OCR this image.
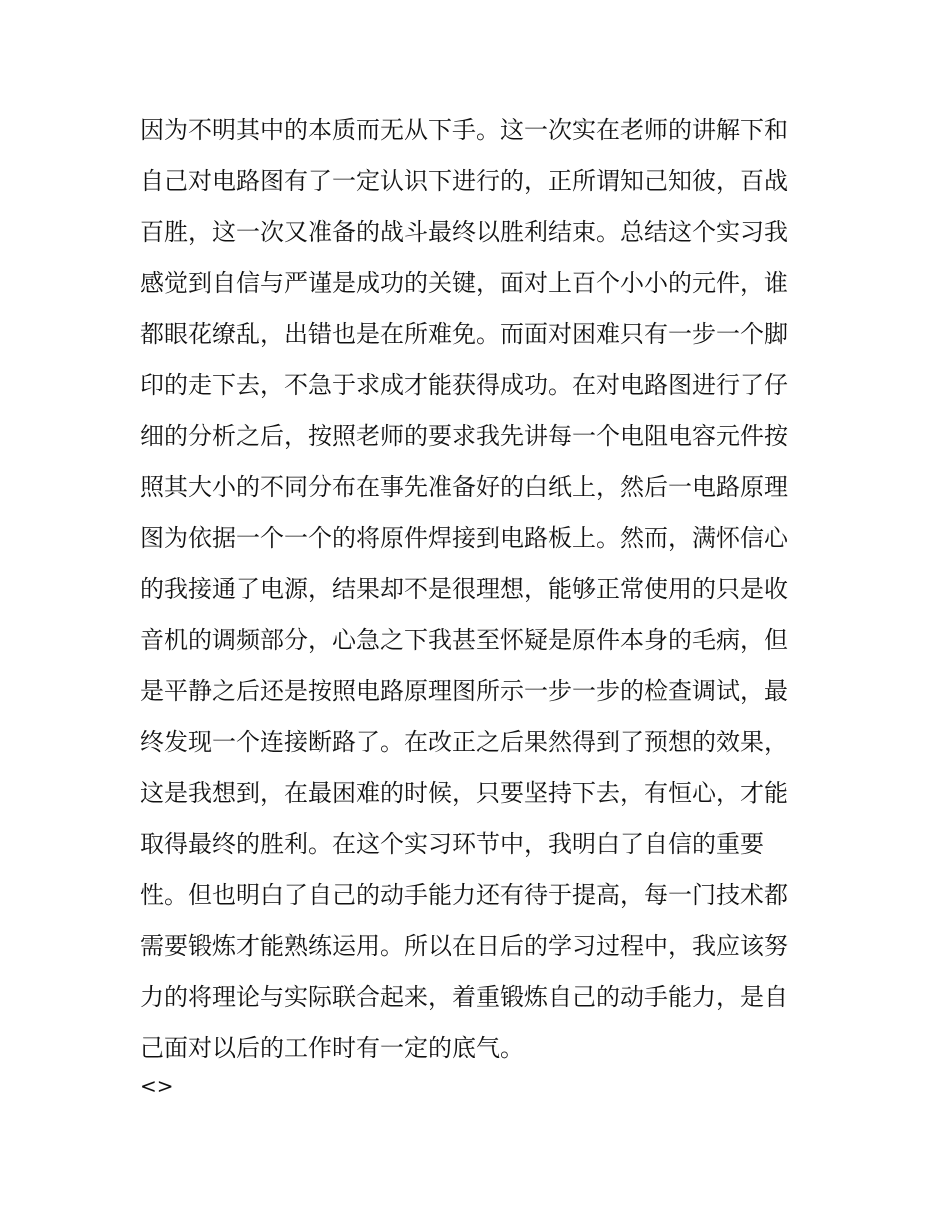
因为不明其中的本质而无从下手。这一次实在老师的讲解下和
自己对电路图有了一定认识下进行的，正所谓知己知彼，百战
百胜，这一次又准备的战斗最终以胜利结束。总结这个实习我
感觉到自信与严谨是成功的关键，面对上百个小小的元件，谁
都眼花缭乱，出错也是在所难免。而面对困难只有一步一个脚
印的走下去，不急于求成才能获得成功。在对电路图进行了仔
细的分析之后，按照老师的要求我先讲每一个电阻电容元件按
照其大小的不同分布在事先准备好的白纸上，然后一电路原理
图为依据一个一个的将原件焊接到电路板上。然而，满怀信心
的我接通了电源，结果却不是很理想，能够正常使用的只是收
音机的调频部分，心急之下我甚至怀疑是原件本身的毛病，但
是平静之后还是按照电路原理图所示一步一步的检查调试，最
终发现一个连接断路了。在改正之后果然得到了预想的效果，
这是我想到，在最困难的时候，只要坚持下去，有恒心，才能
取得最终的胜利。在这个实习环节中，我明白了自信的重要
性。但也明白了自己的动手能力还有待于提高，每一门技术都
需要锻炼才能熟练运用。所以在日后的学习过程中，我应该努
力的将理论与实际联合起来，着重锻炼自己的动手能力，是自
己面对以后的工作时有一定的底气。
<>
